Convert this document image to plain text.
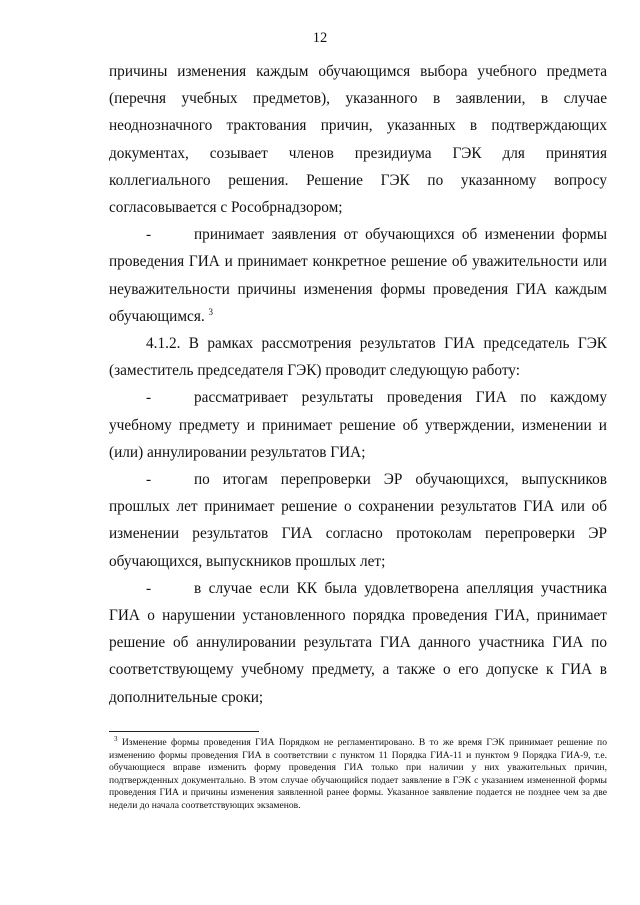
12

причины изменения каждым обучающимся выбора учебного предмета (перечня учебных предметов), указанного в заявлении, в случае неоднозначного трактования причин, указанных в подтверждающих документах, созывает членов президиума ГЭК для принятия коллегиального решения. Решение ГЭК по указанному вопросу согласовывается с Рособрнадзором;

-	принимает заявления от обучающихся об изменении формы проведения ГИА и принимает конкретное решение об уважительности или неуважительности причины изменения формы проведения ГИА каждым обучающимся. $^3$

4.1.2. В рамках рассмотрения результатов ГИА председатель ГЭК (заместитель председателя ГЭК) проводит следующую работу:

-	рассматривает результаты проведения ГИА по каждому учебному предмету и принимает решение об утверждении, изменении и (или) аннулировании результатов ГИА;

-	по итогам перепроверки ЭР обучающихся, выпускников прошлых лет принимает решение о сохранении результатов ГИА или об изменении результатов ГИА согласно протоколам перепроверки ЭР обучающихся, выпускников прошлых лет;

-	в случае если КК была удовлетворена апелляция участника ГИА о нарушении установленного порядка проведения ГИА, принимает решение об аннулировании результата ГИА данного участника ГИА по соответствующему учебному предмету, а также о его допуске к ГИА в дополнительные сроки;

$^3$ Изменение формы проведения ГИА Порядком не регламентировано. В то же время ГЭК принимает решение по изменению формы проведения ГИА в соответствии с пунктом 11 Порядка ГИА-11 и пунктом 9 Порядка ГИА-9, т.е. обучающиеся вправе изменить форму проведения ГИА только при наличии у них уважительных причин, подтвержденных документально. В этом случае обучающийся подает заявление в ГЭК с указанием измененной формы проведения ГИА и причины изменения заявленной ранее формы. Указанное заявление подается не позднее чем за две недели до начала соответствующих экзаменов.
